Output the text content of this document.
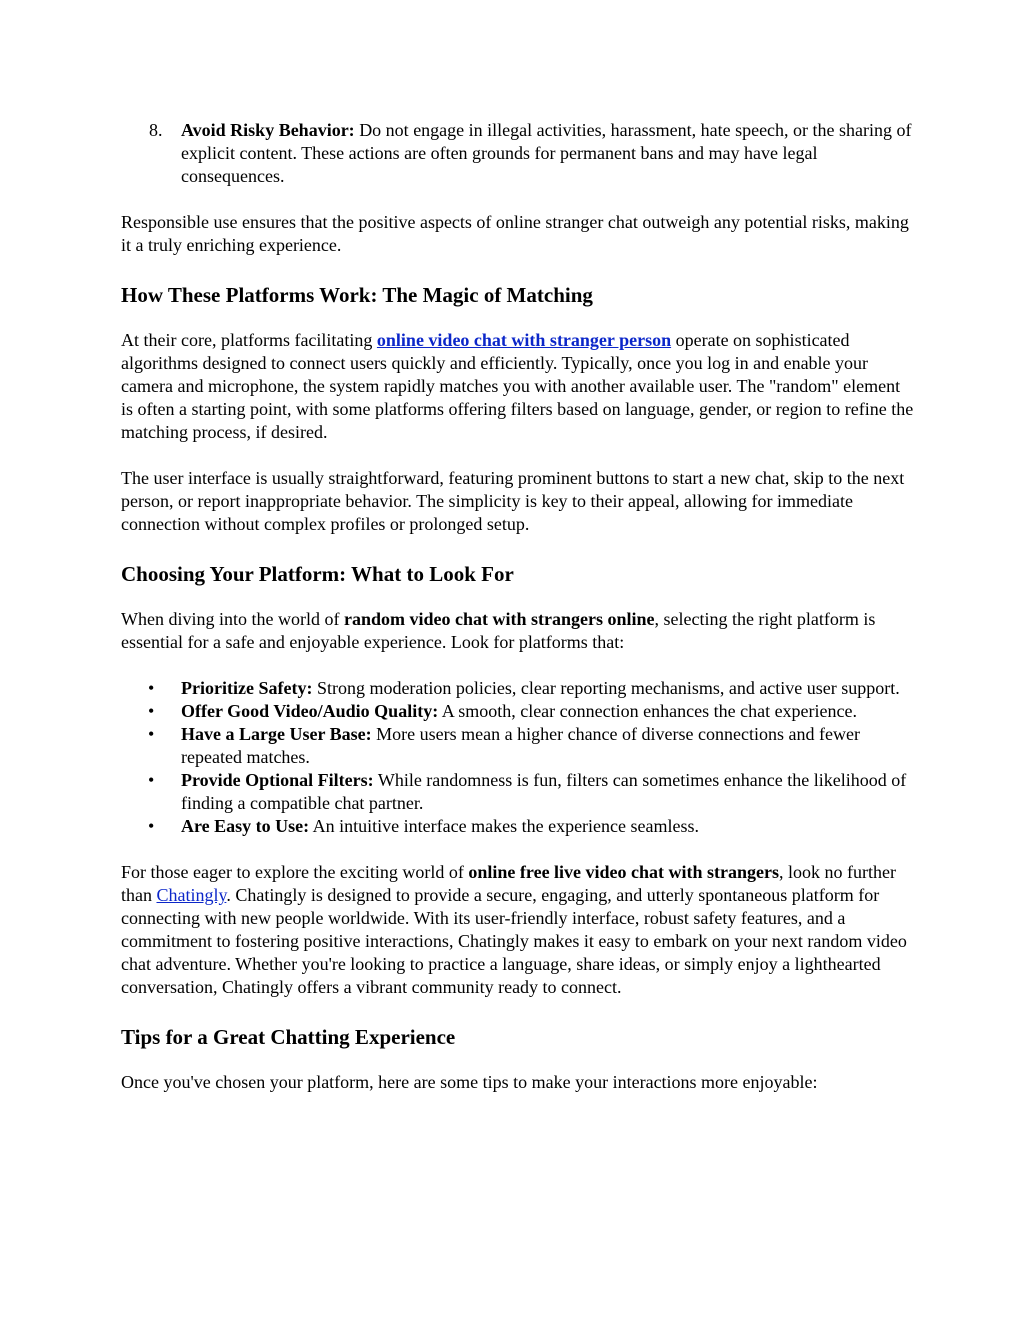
8. Avoid Risky Behavior: Do not engage in illegal activities, harassment, hate speech, or the sharing of explicit content. These actions are often grounds for permanent bans and may have legal consequences.

Responsible use ensures that the positive aspects of online stranger chat outweigh any potential risks, making it a truly enriching experience.

How These Platforms Work: The Magic of Matching

At their core, platforms facilitating online video chat with stranger person operate on sophisticated algorithms designed to connect users quickly and efficiently. Typically, once you log in and enable your camera and microphone, the system rapidly matches you with another available user. The "random" element is often a starting point, with some platforms offering filters based on language, gender, or region to refine the matching process, if desired.

The user interface is usually straightforward, featuring prominent buttons to start a new chat, skip to the next person, or report inappropriate behavior. The simplicity is key to their appeal, allowing for immediate connection without complex profiles or prolonged setup.

Choosing Your Platform: What to Look For

When diving into the world of random video chat with strangers online, selecting the right platform is essential for a safe and enjoyable experience. Look for platforms that:

• Prioritize Safety: Strong moderation policies, clear reporting mechanisms, and active user support.
• Offer Good Video/Audio Quality: A smooth, clear connection enhances the chat experience.
• Have a Large User Base: More users mean a higher chance of diverse connections and fewer repeated matches.
• Provide Optional Filters: While randomness is fun, filters can sometimes enhance the likelihood of finding a compatible chat partner.
• Are Easy to Use: An intuitive interface makes the experience seamless.

For those eager to explore the exciting world of online free live video chat with strangers, look no further than Chatingly. Chatingly is designed to provide a secure, engaging, and utterly spontaneous platform for connecting with new people worldwide. With its user-friendly interface, robust safety features, and a commitment to fostering positive interactions, Chatingly makes it easy to embark on your next random video chat adventure. Whether you're looking to practice a language, share ideas, or simply enjoy a lighthearted conversation, Chatingly offers a vibrant community ready to connect.

Tips for a Great Chatting Experience

Once you've chosen your platform, here are some tips to make your interactions more enjoyable:
